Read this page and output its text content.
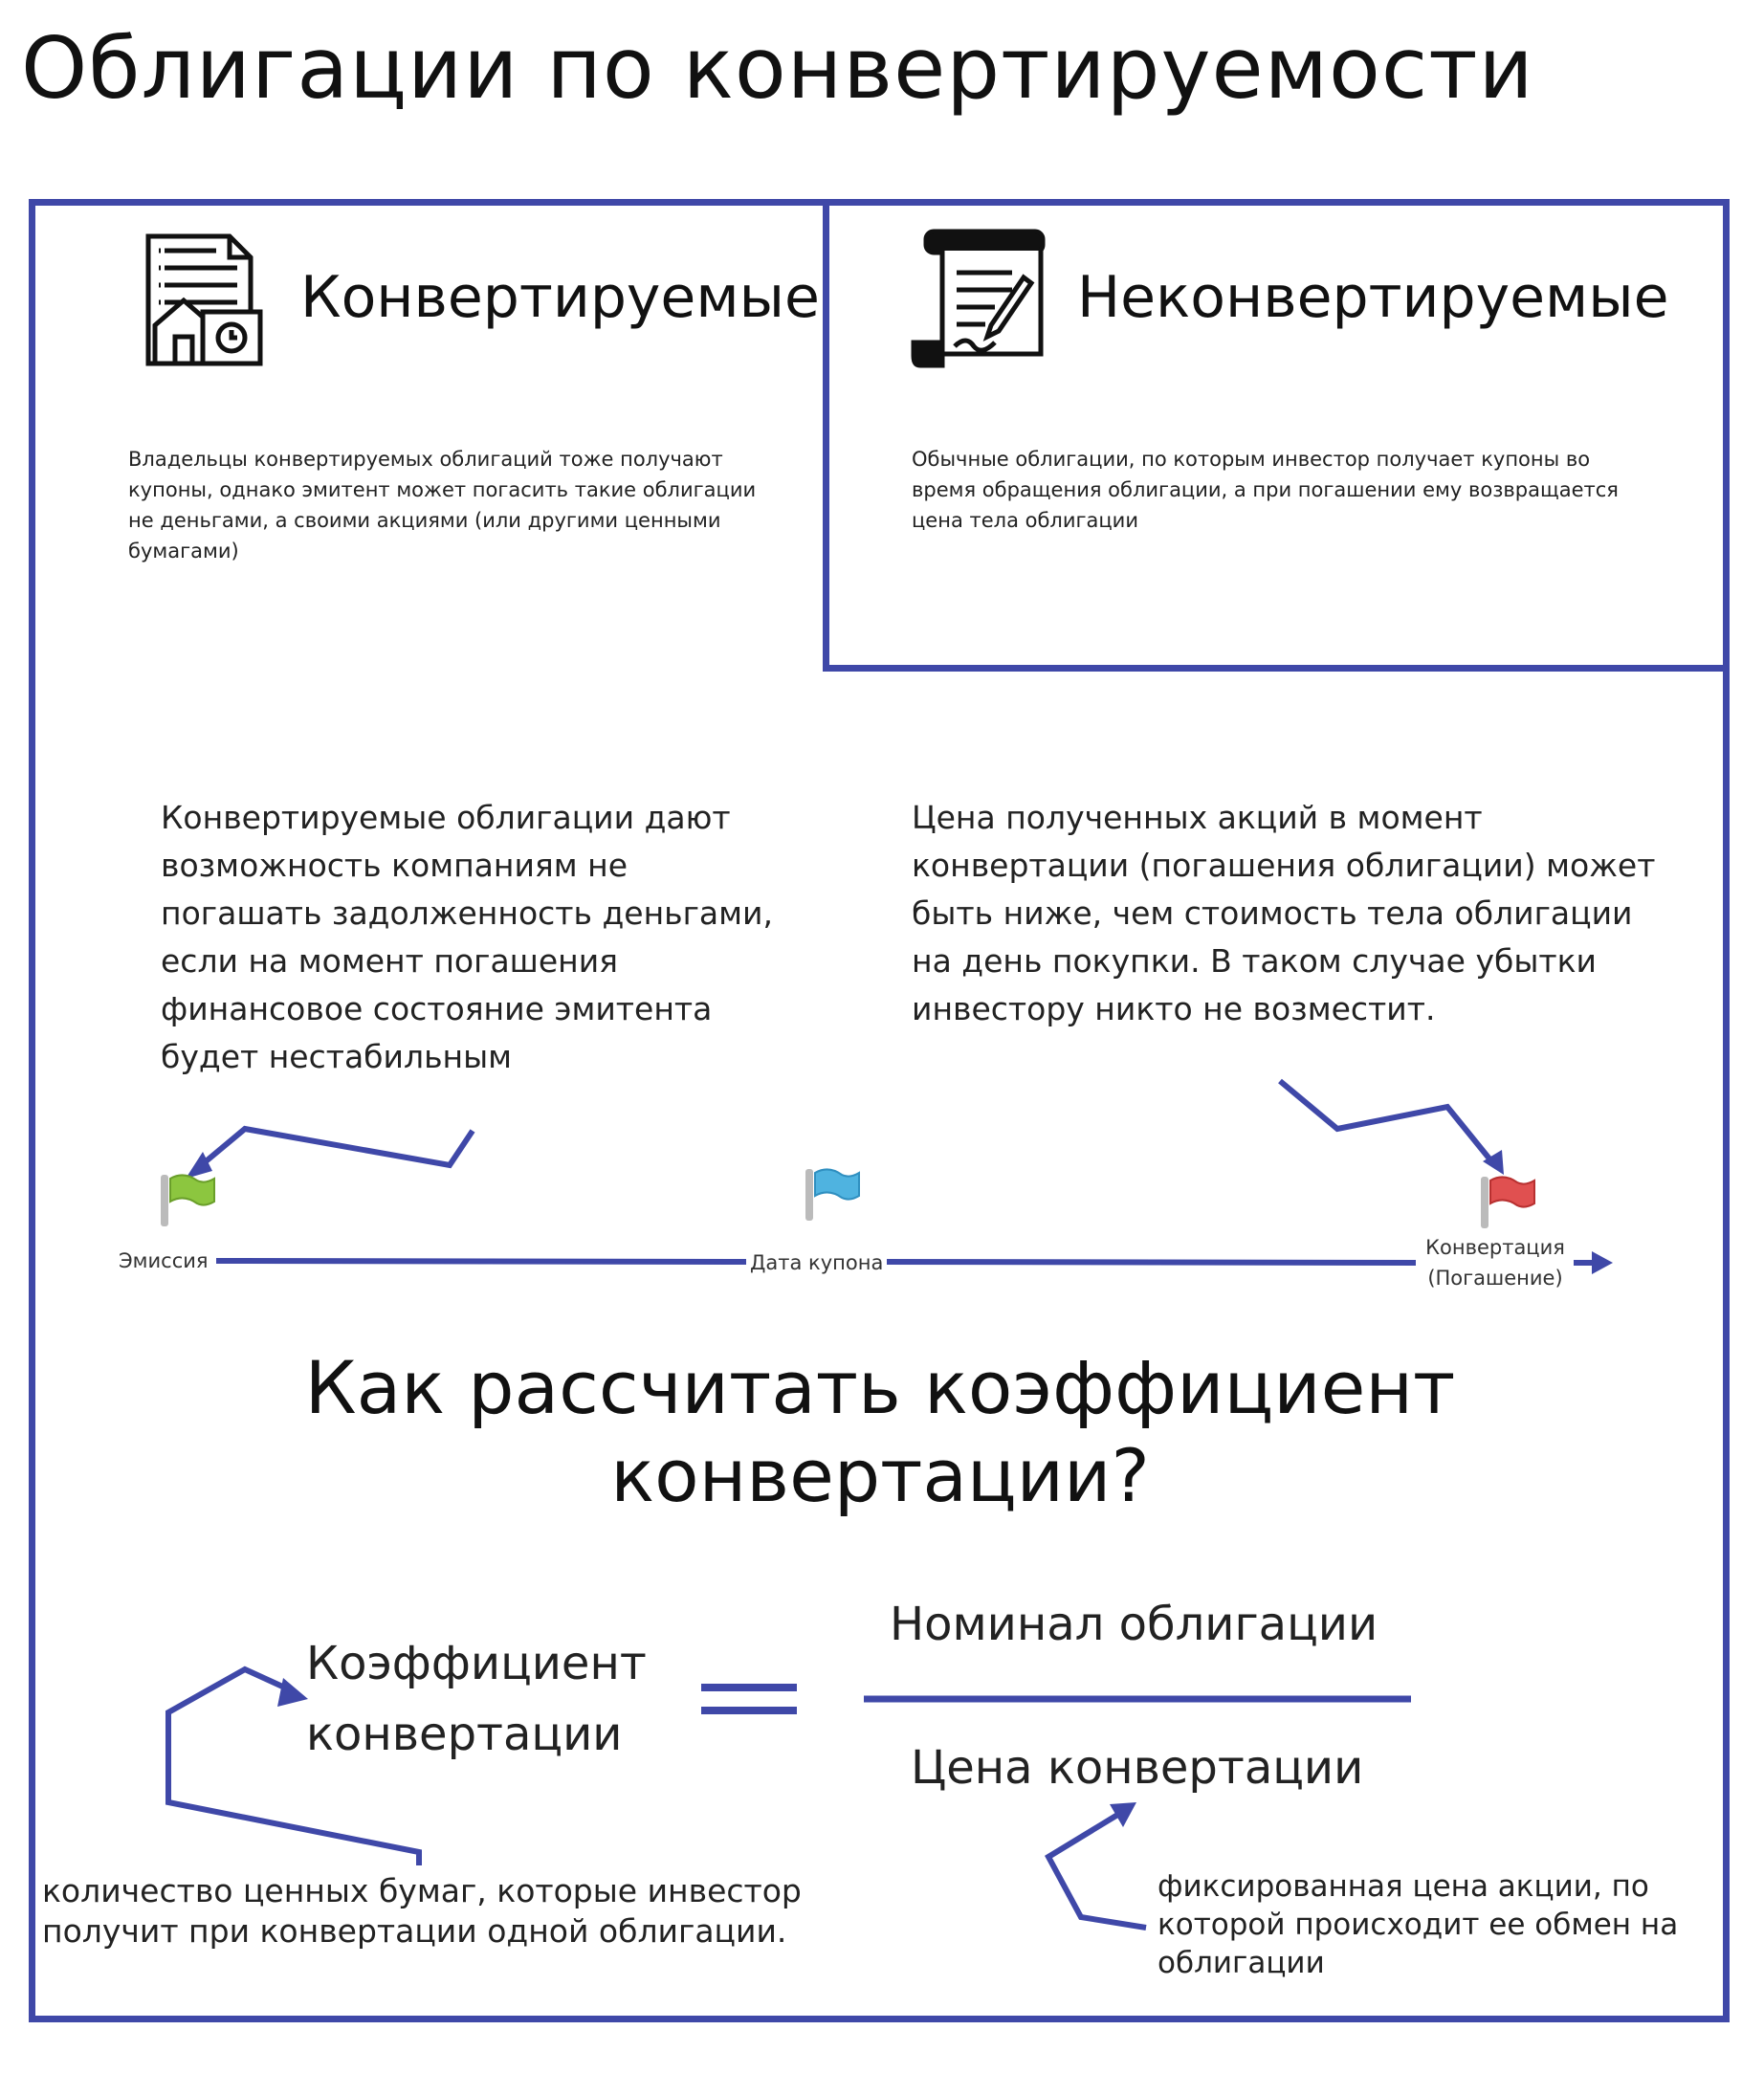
Облигации по конвертируемости
Конвертируемые
Владельцы конвертируемых облигаций тоже получают купоны, однако эмитент может погасить такие облигации не деньгами, а своими акциями (или другими ценными бумагами)
Неконвертируемые
Обычные облигации, по которым инвестор получает купоны во время обращения облигации, а при погашении ему возвращается цена тела облигации
Конвертируемые облигации дают возможность компаниям не погашать задолженность деньгами, если на момент погашения финансовое состояние эмитента будет нестабильным
Цена полученных акций в момент конвертации (погашения облигации) может быть ниже, чем стоимость тела облигации на день покупки. В таком случае убытки инвестору никто не возместит.
Эмиссия	Дата купона
Конвертация
(Погашение)
Как рассчитать коэффициент конвертации?
Коэффициент конвертации
Номинал облигации
Цена конвертации
количество ценных бумаг, которые инвестор получит при конвертации одной облигации.
фиксированная цена акции, по которой происходит ее обмен на облигации
